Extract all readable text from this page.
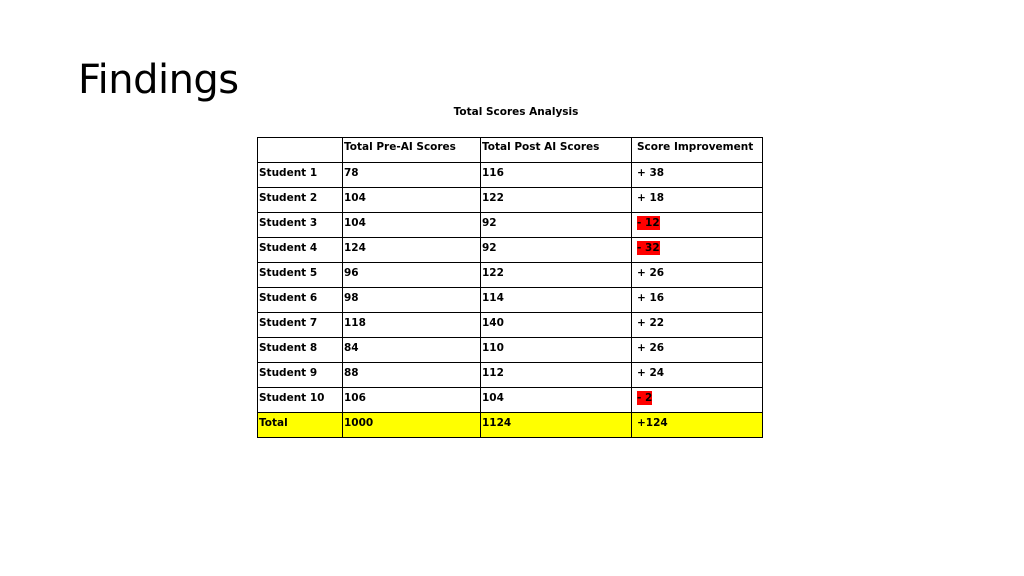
Findings
Total Scores Analysis
	Total Pre-AI Scores	Total Post AI Scores	Score Improvement
Student 1	78	116	+ 38
Student 2	104	122	+ 18
Student 3	104	92	- 12
Student 4	124	92	- 32
Student 5	96	122	+ 26
Student 6	98	114	+ 16
Student 7	118	140	+ 22
Student 8	84	110	+ 26
Student 9	88	112	+ 24
Student 10	106	104	- 2
Total	1000	1124	+124
